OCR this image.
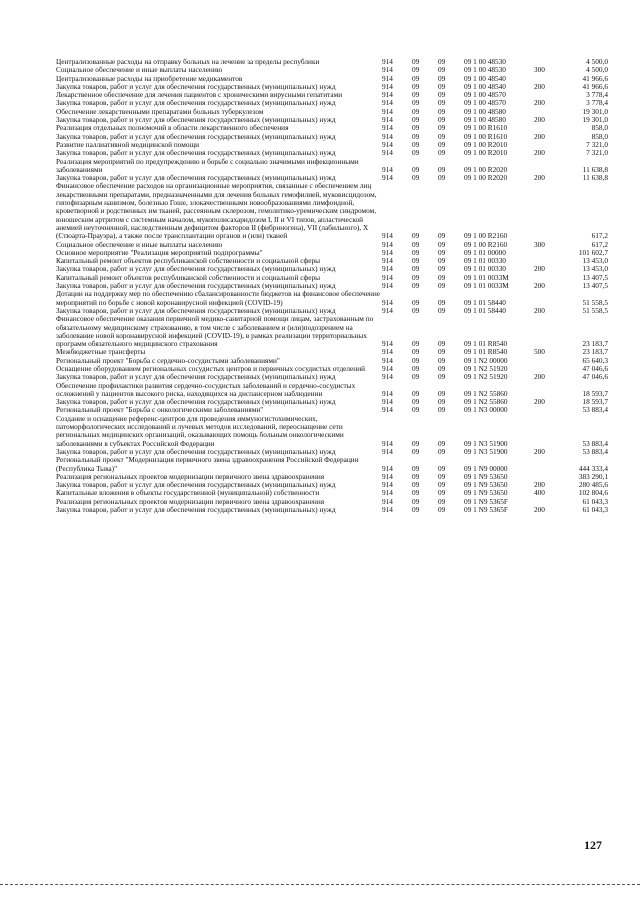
Централизованные расходы на отправку больных на лечение за пределы республики	914	09	09	09 1 00 48530		4 500,0
Социальное обеспечение и иные выплаты населению	914	09	09	09 1 00 48530	300	4 500,0
Централизованные расходы на приобретение медикаментов	914	09	09	09 1 00 48540		41 966,6
Закупка товаров, работ и услуг для обеспечения государственных (муниципальных) нужд	914	09	09	09 1 00 48540	200	41 966,6
Лекарственное обеспечение для лечения пациентов с хроническими вирусными гепатитами	914	09	09	09 1 00 48570		3 778,4
Закупка товаров, работ и услуг для обеспечения государственных (муниципальных) нужд	914	09	09	09 1 00 48570	200	3 778,4
Обеспечение лекарственными препаратами больных туберкулезом	914	09	09	09 1 00 48580		19 301,0
Закупка товаров, работ и услуг для обеспечения государственных (муниципальных) нужд	914	09	09	09 1 00 48580	200	19 301,0
Реализация отдельных полномочий в области лекарственного обеспечения	914	09	09	09 1 00 R1610		858,0
Закупка товаров, работ и услуг для обеспечения государственных (муниципальных) нужд	914	09	09	09 1 00 R1610	200	858,0
Развитие паллиативной медицинской помощи	914	09	09	09 1 00 R2010		7 321,0
Закупка товаров, работ и услуг для обеспечения государственных (муниципальных) нужд	914	09	09	09 1 00 R2010	200	7 321,0
Реализация мероприятий по предупреждению и борьбе с социально значимыми инфекционными заболеваниями	914	09	09	09 1 00 R2020		11 638,8
Закупка товаров, работ и услуг для обеспечения государственных (муниципальных) нужд	914	09	09	09 1 00 R2020	200	11 638,8
Финансовое обеспечение расходов на организационные мероприятия, связанные с обеспечением лиц лекарственными препаратами, предназначенными для лечения больных гемофилией, муковисцидозом, гипофизарным нанизмом, болезнью Гоше, злокачественными новообразованиями лимфоидной, кроветворной и родственных им тканей, рассеянным склерозом, гемолитико-уремическим синдромом, юношеским артритом с системным началом, мукополисахаридозом I, II и VI типов, апластической анемией неуточненной, наследственным дефицитом факторов II (фибриногена), VII (лабильного), X (Стюарта-Прауэра), а также после трансплантации органов и (или) тканей	914	09	09	09 1 00 R2160		617,2
Социальное обеспечение и иные выплаты населению	914	09	09	09 1 00 R2160	300	617,2
Основное мероприятие "Реализация мероприятий подпрограммы"	914	09	09	09 1 01 00000		101 602,7
Капитальный ремонт объектов республиканской собственности и социальной сферы	914	09	09	09 1 01 00330		13 453,0
Закупка товаров, работ и услуг для обеспечения государственных (муниципальных) нужд	914	09	09	09 1 01 00330	200	13 453,0
Капитальный ремонт объектов республиканской собственности и социальной сферы	914	09	09	09 1 01 0033M		13 407,5
Закупка товаров, работ и услуг для обеспечения государственных (муниципальных) нужд	914	09	09	09 1 01 0033M	200	13 407,5
Дотации на поддержку мер по обеспечению сбалансированности бюджетов на финансовое обеспечение мероприятий по борьбе с новой коронавирусной инфекцией (COVID-19)	914	09	09	09 1 01 58440		51 558,5
Закупка товаров, работ и услуг для обеспечения государственных (муниципальных) нужд	914	09	09	09 1 01 58440	200	51 558,5
Финансовое обеспечение оказания первичной медико-санитарной помощи лицам, застрахованным по обязательному медицинскому страхованию, в том числе с заболеванием и (или)подозрением на заболевание новой коронавирусной инфекцией (COVID-19), в рамках реализации территориальных программ обязательного медицинского страхования	914	09	09	09 1 01 R8540		23 183,7
Межбюджетные трансферты	914	09	09	09 1 01 R8540	500	23 183,7
Региональный проект "Борьба с сердечно-сосудистыми заболеваниями"	914	09	09	09 1 N2 00000		65 640,3
Оснащение оборудованием региональных сосудистых центров и первичных сосудистых отделений	914	09	09	09 1 N2 51920		47 046,6
Закупка товаров, работ и услуг для обеспечения государственных (муниципальных) нужд	914	09	09	09 1 N2 51920	200	47 046,6
Обеспечение профилактики развития сердечно-сосудистых заболеваний и сердечно-сосудистых осложнений у пациентов высокого риска, находящихся на диспансерном наблюдении	914	09	09	09 1 N2 55860		18 593,7
Закупка товаров, работ и услуг для обеспечения государственных (муниципальных) нужд	914	09	09	09 1 N2 55860	200	18 593,7
Региональный проект "Борьба с онкологическими заболеваниями"	914	09	09	09 1 N3 00000		53 883,4
Создание и оснащение референс-центров для проведения иммуногистохимических, патоморфологических исследований и лучевых методов исследований, переоснащение сети региональных медицинских организаций, оказывающих помощь больным онкологическими заболеваниями в субъектах Российской Федерации	914	09	09	09 1 N3 51900		53 883,4
Закупка товаров, работ и услуг для обеспечения государственных (муниципальных) нужд	914	09	09	09 1 N3 51900	200	53 883,4
Региональный проект "Модернизация первичного звена здравоохранения Российской Федерации (Республика Тыва)"	914	09	09	09 1 N9 00000		444 333,4
Реализация региональных проектов модернизации первичного звена здравоохранения	914	09	09	09 1 N9 53650		383 290,1
Закупка товаров, работ и услуг для обеспечения государственных (муниципальных) нужд	914	09	09	09 1 N9 53650	200	280 485,6
Капитальные вложения в объекты государственной (муниципальной) собственности	914	09	09	09 1 N9 53650	400	102 804,6
Реализация региональных проектов модернизации первичного звена здравоохранения	914	09	09	09 1 N9 5365F		61 043,3
Закупка товаров, работ и услуг для обеспечения государственных (муниципальных) нужд	914	09	09	09 1 N9 5365F	200	61 043,3
127
